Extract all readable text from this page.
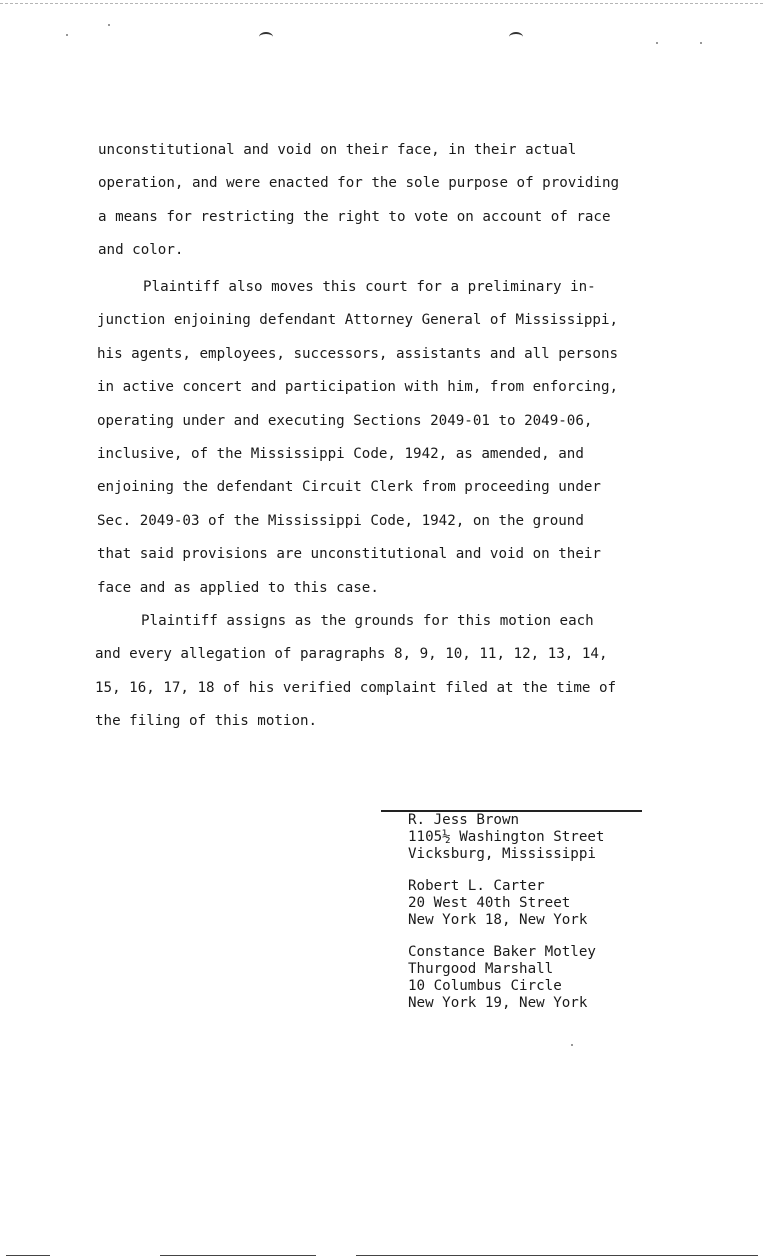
unconstitutional and void on their face, in their actual
operation, and were enacted for the sole purpose of providing
a means for restricting the right to vote on account of race
and color.
Plaintiff also moves this court for a preliminary in-
junction enjoining defendant Attorney General of Mississippi,
his agents, employees, successors, assistants and all persons
in active concert and participation with him, from enforcing,
operating under and executing Sections 2049-01 to 2049-06,
inclusive, of the Mississippi Code, 1942, as amended, and
enjoining the defendant Circuit Clerk from proceeding under
Sec. 2049-03 of the Mississippi Code, 1942, on the ground
that said provisions are unconstitutional and void on their
face and as applied to this case.
Plaintiff assigns as the grounds for this motion each
and every allegation of paragraphs 8, 9, 10, 11, 12, 13, 14,
15, 16, 17, 18 of his verified complaint filed at the time of
the filing of this motion.
R. Jess Brown
1105½ Washington Street
Vicksburg, Mississippi
Robert L. Carter
20 West 40th Street
New York 18, New York
Constance Baker Motley
Thurgood Marshall
10 Columbus Circle
New York 19, New York
